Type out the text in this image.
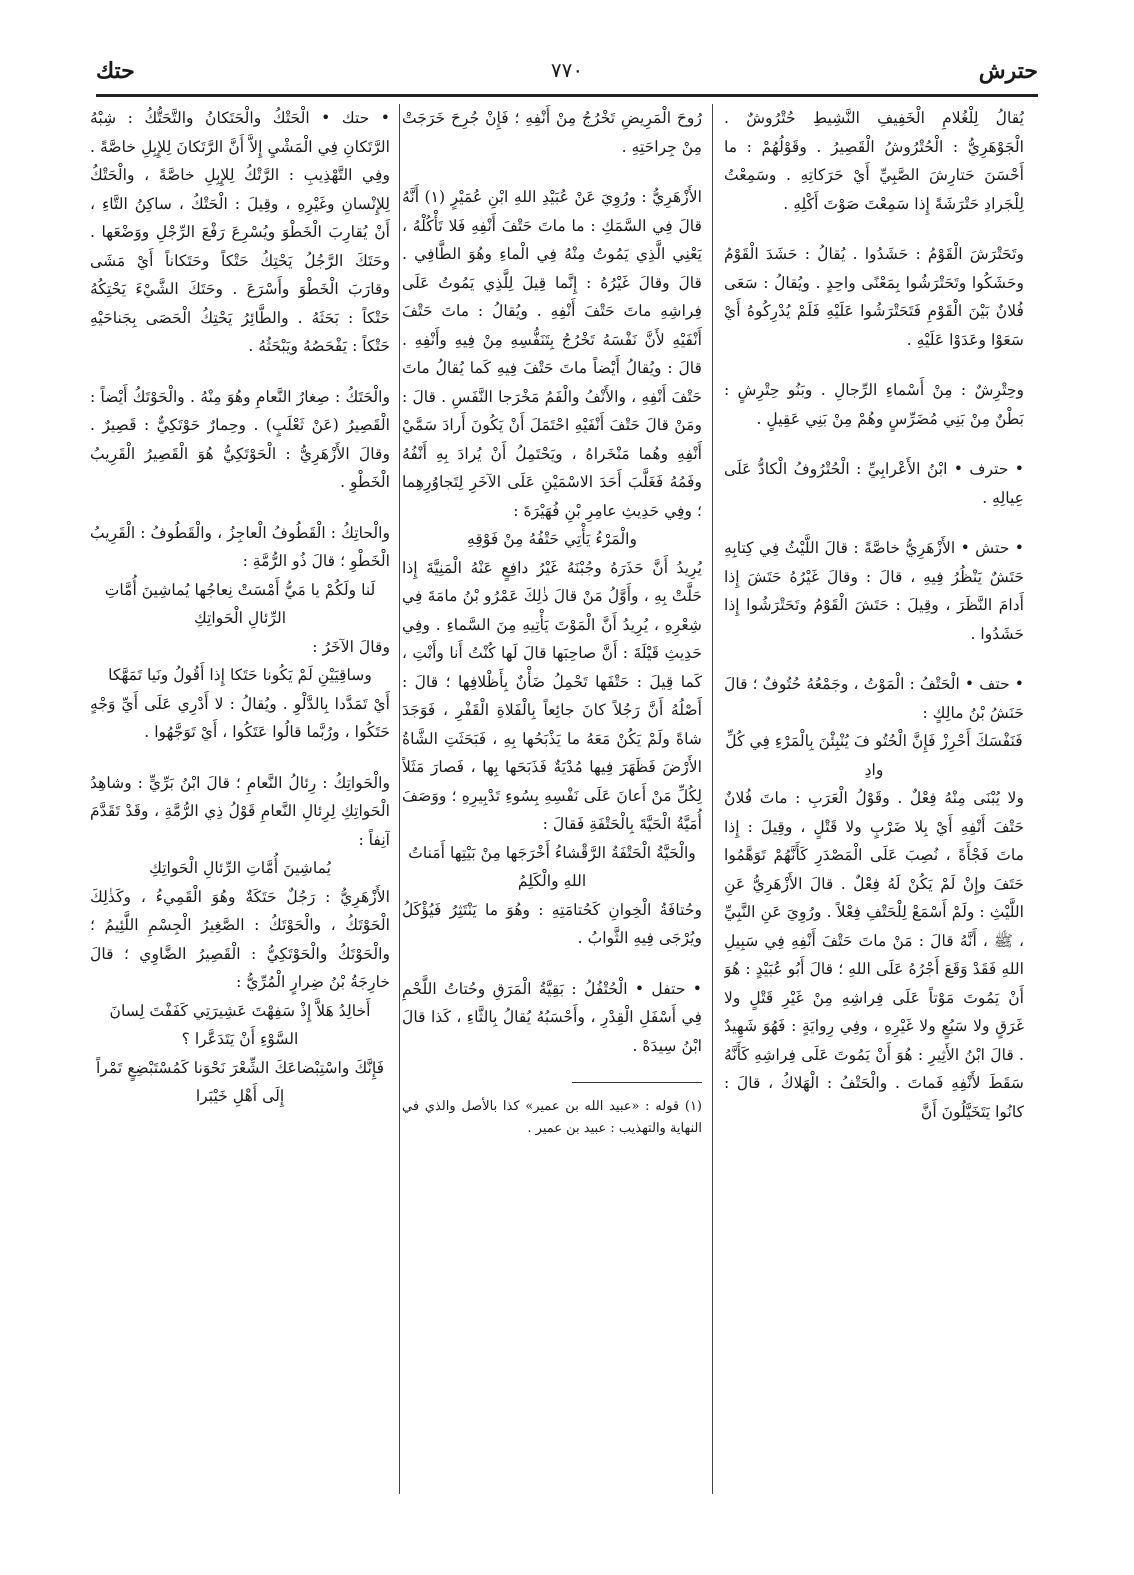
حترش
٧٧٠
حتك

يُقالُ لِلْغُلامِ الْخَفِيفِ النَّشِيطِ حُتْرُوشٌ . الْجَوْهَرِيُّ : الْحُتْرُوشُ الْقَصِيرُ . وقَوْلُهُمْ : ما أَحْسَنَ حَتارِشَ الصَّبِيِّ أَيْ حَرَكاتِهِ . وسَمِعْتُ لِلْجَرادِ حَتْرَشَةً إِذا سَمِعْتَ صَوْتَ أَكْلِهِ .

وتَحَتْرَشَ الْقَوْمُ : حَشَدُوا . يُقالُ : حَشَدَ الْقَوْمُ وحَشَكُوا وتَحَتْرَشُوا بِمَعْنًى واحِدٍ . ويُقالُ : سَعَى فُلانٌ بَيْنَ الْقَوْمِ فَتَحَتْرَشُوا عَلَيْهِ فَلَمْ يُدْرِكُوهُ أَيْ سَعَوْا وعَدَوْا عَلَيْهِ .

وحِتْرِشٌ : مِنْ أَسْماءِ الرِّجالِ . وبَنُو حِتْرِشٍ : بَطْنٌ مِنْ بَنِي مُضَرِّسٍ وهُمْ مِنْ بَنِي عَقِيلٍ .

• حترف • ابْنُ الأَعْرابِيِّ : الْحُتْرُوفُ الْكادُّ عَلَى عِيالِهِ .

• حتش • الأَزْهَرِيُّ خاصَّةً : قالَ اللَّيْثُ فِي كِتابِهِ حَتَشٌ يَنْظُرُ فِيهِ ، قالَ : وقالَ غَيْرُهُ حَتَشَ إِذا أَدامَ النَّظَرَ ، وقِيلَ : حَتَشَ الْقَوْمُ وتَحَتْرَشُوا إِذا حَشَدُوا .

• حتف • الْحَتْفُ : الْمَوْتُ ، وجَمْعُهُ حُتُوفٌ ؛ قالَ حَنَشُ بْنُ مالِكٍ :

فَنَفْسَكَ أَحْرِزْ فَإِنَّ الْحُتُو فَ يُنْبِئْنَ بِالْمَرْءِ فِي كُلِّ وادِ

ولا يُبْنَى مِنْهُ فِعْلٌ . وقَوْلُ الْعَرَبِ : ماتَ فُلانٌ حَتْفَ أَنْفِهِ أَيْ بِلا ضَرْبٍ ولا قَتْلٍ ، وقِيلَ : إِذا ماتَ فَجْأَةً ، نُصِبَ عَلَى الْمَصْدَرِ كَأَنَّهُمْ تَوَهَّمُوا حَتَفَ وإِنْ لَمْ يَكُنْ لَهُ فِعْلٌ . قالَ الأَزْهَرِيُّ عَنِ اللَّيْثِ : ولَمْ أَسْمَعْ لِلْحَتْفِ فِعْلاً . ورُوِيَ عَنِ النَّبِيِّ ، ﷺ ، أَنَّهُ قالَ : مَنْ ماتَ حَتْفَ أَنْفِهِ فِي سَبِيلِ اللهِ فَقَدْ وَقَعَ أَجْرُهُ عَلَى اللهِ ؛ قالَ أَبُو عُبَيْدٍ : هُوَ أَنْ يَمُوتَ مَوْتاً عَلَى فِراشِهِ مِنْ غَيْرِ قَتْلٍ ولا غَرَقٍ ولا سَبُعٍ ولا غَيْرِهِ ، وفِي رِوايَةٍ : فَهُوَ شَهِيدٌ . قالَ ابْنُ الأَثِيرِ : هُوَ أَنْ يَمُوتَ عَلَى فِراشِهِ كَأَنَّهُ سَقَطَ لأَنْفِهِ فَماتَ . والْحَتْفُ : الْهَلاكُ ، قالَ : كانُوا يَتَخَيَّلُونَ أَنَّ

رُوحَ الْمَرِيضِ تَخْرُجُ مِنْ أَنْفِهِ ؛ فَإِنْ جُرِحَ خَرَجَتْ مِنْ جِراحَتِهِ .

الأَزْهَرِيُّ : ورُوِيَ عَنْ عُبَيْدِ اللهِ ابْنِ عُمَيْرٍ (١) أَنَّهُ قالَ فِي السَّمَكِ : ما ماتَ حَتْفَ أَنْفِهِ فَلا تَأْكُلْهُ ، يَعْنِي الَّذِي يَمُوتُ مِنْهُ فِي الْماءِ وهُوَ الطَّافِي . قالَ وقالَ غَيْرُهُ : إِنَّما قِيلَ لِلَّذِي يَمُوتُ عَلَى فِراشِهِ ماتَ حَتْفَ أَنْفِهِ . ويُقالُ : ماتَ حَتْفَ أَنْفَيْهِ لأَنَّ نَفْسَهُ تَخْرُجُ بِتَنَفُّسِهِ مِنْ فِيهِ وأَنْفِهِ . قالَ : ويُقالُ أَيْضاً ماتَ حَتْفَ فِيهِ كَما يُقالُ ماتَ حَتْفَ أَنْفِهِ ، والأَنْفُ والْفَمُ مَخْرَجا النَّفَسِ . قالَ : ومَنْ قالَ حَتْفَ أَنْفَيْهِ احْتَمَلَ أَنْ يَكُونَ أَرادَ سَمَّيْ أَنْفِهِ وهُما مَنْخَراهُ ، ويَحْتَمِلُ أَنْ يُرادَ بِهِ أَنْفُهُ وفَمُهُ فَغَلَّبَ أَحَدَ الاسْمَيْنِ عَلَى الآخَرِ لِتَجاوُرِهِما ؛ وفِي حَدِيثِ عامِرِ بْنِ فُهَيْرَةَ :

والْمَرْءُ يَأْتِي حَتْفُهُ مِنْ فَوْقِهِ

يُرِيدُ أَنَّ حَذَرَهُ وجُبْنَهُ غَيْرُ دافِعٍ عَنْهُ الْمَنِيَّةَ إِذا حَلَّتْ بِهِ ، وأَوَّلُ مَنْ قالَ ذٰلِكَ عَمْرُو بْنُ مامَةَ فِي شِعْرِهِ ، يُرِيدُ أَنَّ الْمَوْتَ يَأْتِيهِ مِنَ السَّماءِ . وفِي حَدِيثِ قَيْلَةَ : أَنَّ صاحِبَها قالَ لَها كُنْتُ أَنا وأَنْتِ ، كَما قِيلَ : حَتْفَها تَحْمِلُ ضَأْنٌ بِأَظْلافِها ؛ قالَ : أَصْلُهُ أَنَّ رَجُلاً كانَ جائِعاً بِالْفَلاةِ الْقَفْرِ ، فَوَجَدَ شاةً ولَمْ يَكُنْ مَعَهُ ما يَذْبَحُها بِهِ ، فَبَحَثَتِ الشَّاةُ الأَرْضَ فَظَهَرَ فِيها مُدْيَةٌ فَذَبَحَها بِها ، فَصارَ مَثَلاً لِكُلِّ مَنْ أَعانَ عَلَى نَفْسِهِ بِسُوءِ تَدْبِيرِهِ ؛ ووَصَفَ أُمَيَّةُ الْحَيَّةَ بِالْحَتْفَةِ فَقالَ :

والْحَيَّةُ الْحَتْفَةُ الرَّقْشاءُ أَخْرَجَها مِنْ بَيْتِها أَمَناتُ اللهِ والْكَلِمُ

وحُتافَةُ الْخِوانِ كَحُتامَتِهِ : وهُوَ ما يَنْتَثِرُ فَيُؤْكَلُ ويُرْجَى فِيهِ الثَّوابُ .

• حتفل • الْحُتْفُلُ : بَقِيَّةُ الْمَرَقِ وحُتاتُ اللَّحْمِ فِي أَسْفَلِ الْقِدْرِ ، وأَحْسَبُهُ يُقالُ بِالثَّاءِ ، كَذا قالَ ابْنُ سِيدَهْ .

(١) قوله : «عبيد الله بن عمير» كذا بالأصل والذي في النهاية والتهذيب : عبيد بن عمير .

• حتك • الْحَتْكُ والْحَتَكانُ والتَّحَتُّكُ : شِبْهُ الرَّتَكانِ فِي الْمَشْيِ إِلاَّ أَنَّ الرَّتَكانَ لِلإِبِلِ خاصَّةً . وفِي التَّهْذِيبِ : الرَّتْكُ لِلإِبِلِ خاصَّةً ، والْحَتْكُ لِلإِنْسانِ وغَيْرِهِ ، وقِيلَ : الْحَتْكُ ، ساكِنُ التَّاءِ ، أَنْ يُقارِبَ الْخَطْوَ ويُسْرِعَ رَفْعَ الرِّجْلِ ووَضْعَها . وحَتَكَ الرَّجُلُ يَحْتِكُ حَتْكاً وحَتَكاناً أَيْ مَشَى وقارَبَ الْخَطْوَ وأَسْرَعَ . وحَتَكَ الشَّيْءَ يَحْتِكُهُ حَتْكاً : بَحَثَهُ . والطَّائِرُ يَحْتِكُ الْحَصَى بِجَناحَيْهِ حَتْكاً : يَفْحَصُهُ ويَبْحَثُهُ .

والْحَتَكُ : صِغارُ النَّعامِ وهُوَ مِنْهُ . والْحَوْتَكُ أَيْضاً : الْقَصِيرُ (عَنْ ثَعْلَبٍ) . وحِمارٌ حَوْتَكِيٌّ : قَصِيرٌ . وقالَ الأَزْهَرِيُّ : الْحَوْتَكِيُّ هُوَ الْقَصِيرُ الْقَرِيبُ الْخَطْوِ .

والْحاتِكُ : الْقَطُوفُ الْعاجِزُ ، والْقَطُوفُ : الْقَرِيبُ الْخَطْوِ ؛ قالَ ذُو الرُّمَّةِ :

لَنا ولَكُمْ يا مَيُّ أَمْسَتْ نِعاجُها يُماشِينَ أُمَّاتِ الرِّئالِ الْحَواتِكِ

وقالَ الآخَرُ :

وساقِيَيْنِ لَمْ يَكُونا حَتَكا إِذا أَقُولُ ونَيا تَمَهَّكا

أَيْ تَمَدَّدا بِالدَّلْوِ . ويُقالُ : لا أَدْرِي عَلَى أَيِّ وَجْهٍ حَتَكُوا ، ورُبَّما قالُوا عَتَكُوا ، أَيْ تَوَجَّهُوا .

والْحَواتِكُ : رِئالُ النَّعامِ ؛ قالَ ابْنُ بَرِّيٍّ : وشاهِدُ الْحَواتِكِ لِرِئالِ النَّعامِ قَوْلُ ذِي الرُّمَّةِ ، وقَدْ تَقَدَّمَ آنِفاً :

يُماشِينَ أُمَّاتِ الرِّئالِ الْحَواتِكِ

الأَزْهَرِيُّ : رَجُلٌ حَتَكَةٌ وهُوَ الْقَمِيءُ ، وكَذٰلِكَ الْحَوْتَكُ ، والْحَوْتَكُ : الصَّغِيرُ الْجِسْمِ اللَّئِيمُ ؛ والْحَوْتَكُ والْحَوْتَكِيُّ : الْقَصِيرُ الضَّاوِي ؛ قالَ خارِجَةُ بْنُ ضِرارٍ الْمُرِّيُّ :

أَخالِدُ هَلاَّ إِذْ سَفِهْتَ عَشِيرَتِي كَفَفْتَ لِسانَ السَّوْءِ أَنْ يَتَدَعَّرا ؟

فَإِنَّكَ واسْتِبْضاعَكَ الشِّعْرَ نَحْوَنا كَمُسْتَبْضِعٍ تَمْراً إِلَى أَهْلِ خَيْبَرا
